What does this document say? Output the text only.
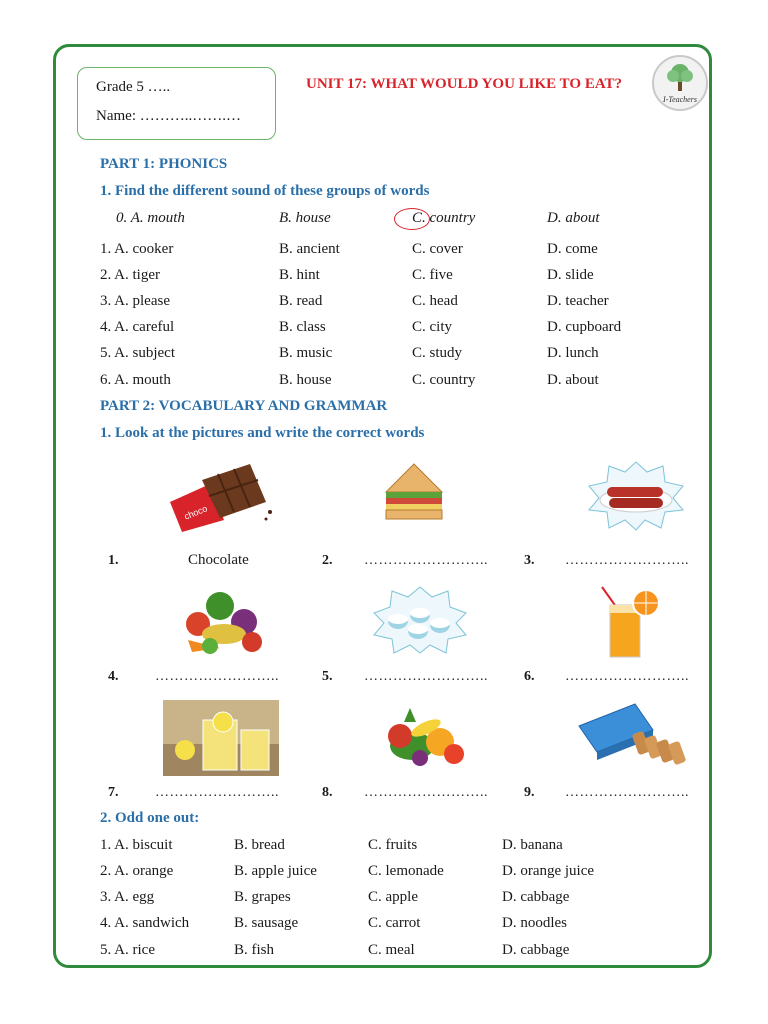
Grade 5 …..
Name: ………..…….…
UNIT 17: WHAT WOULD YOU LIKE TO EAT?
I-Teachers
PART 1: PHONICS
1. Find the different sound of these groups of words
0. A. mouth	B. house	C. country	D. about
1. A. cooker	B. ancient	C. cover	D. come
2. A. tiger	B. hint	C. five	D. slide
3. A. please	B. read	C. head	D. teacher
4. A. careful	B. class	C. city	D. cupboard
5. A. subject	B. music	C. study	D. lunch
6. A. mouth	B. house	C. country	D. about
PART 2: VOCABULARY AND GRAMMAR
1. Look at the pictures and write the correct words
choco
1.	Chocolate	2. ……………………..	3. ……………………..
4.	……………………..	5. ……………………..	6. ……………………..
7.	……………………..	8. ……………………..	9. ……………………..
2. Odd one out:
1. A. biscuit	B. bread	C. fruits	D. banana
2. A. orange	B. apple juice	C. lemonade	D. orange juice
3. A. egg	B. grapes	C. apple	D. cabbage
4. A. sandwich	B. sausage	C. carrot	D. noodles
5. A. rice	B. fish	C. meal	D. cabbage
